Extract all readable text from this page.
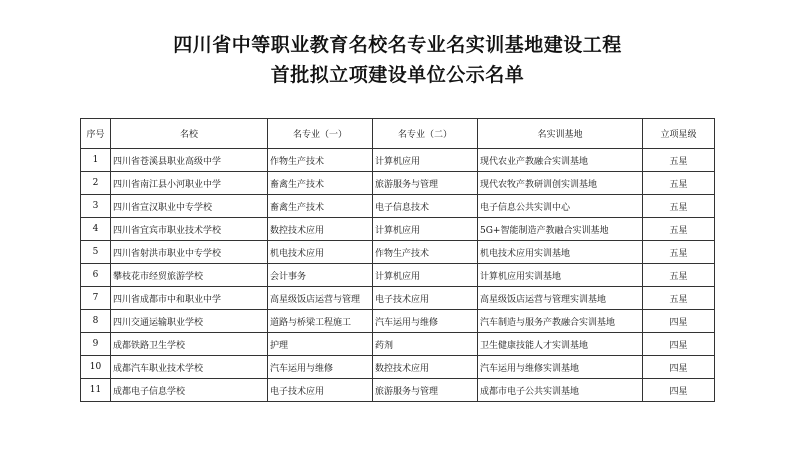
四川省中等职业教育名校名专业名实训基地建设工程
首批拟立项建设单位公示名单
序号	名校	名专业（一）	名专业（二）	名实训基地	立项星级
1	四川省苍溪县职业高级中学	作物生产技术	计算机应用	现代农业产教融合实训基地	五星
2	四川省南江县小河职业中学	畜禽生产技术	旅游服务与管理	现代农牧产教研训创实训基地	五星
3	四川省宣汉职业中专学校	畜禽生产技术	电子信息技术	电子信息公共实训中心	五星
4	四川省宜宾市职业技术学校	数控技术应用	计算机应用	5G+智能制造产教融合实训基地	五星
5	四川省射洪市职业中专学校	机电技术应用	作物生产技术	机电技术应用实训基地	五星
6	攀枝花市经贸旅游学校	会计事务	计算机应用	计算机应用实训基地	五星
7	四川省成都市中和职业中学	高星级饭店运营与管理	电子技术应用	高星级饭店运营与管理实训基地	五星
8	四川交通运输职业学校	道路与桥梁工程施工	汽车运用与维修	汽车制造与服务产教融合实训基地	四星
9	成都铁路卫生学校	护理	药剂	卫生健康技能人才实训基地	四星
10	成都汽车职业技术学校	汽车运用与维修	数控技术应用	汽车运用与维修实训基地	四星
11	成都电子信息学校	电子技术应用	旅游服务与管理	成都市电子公共实训基地	四星
